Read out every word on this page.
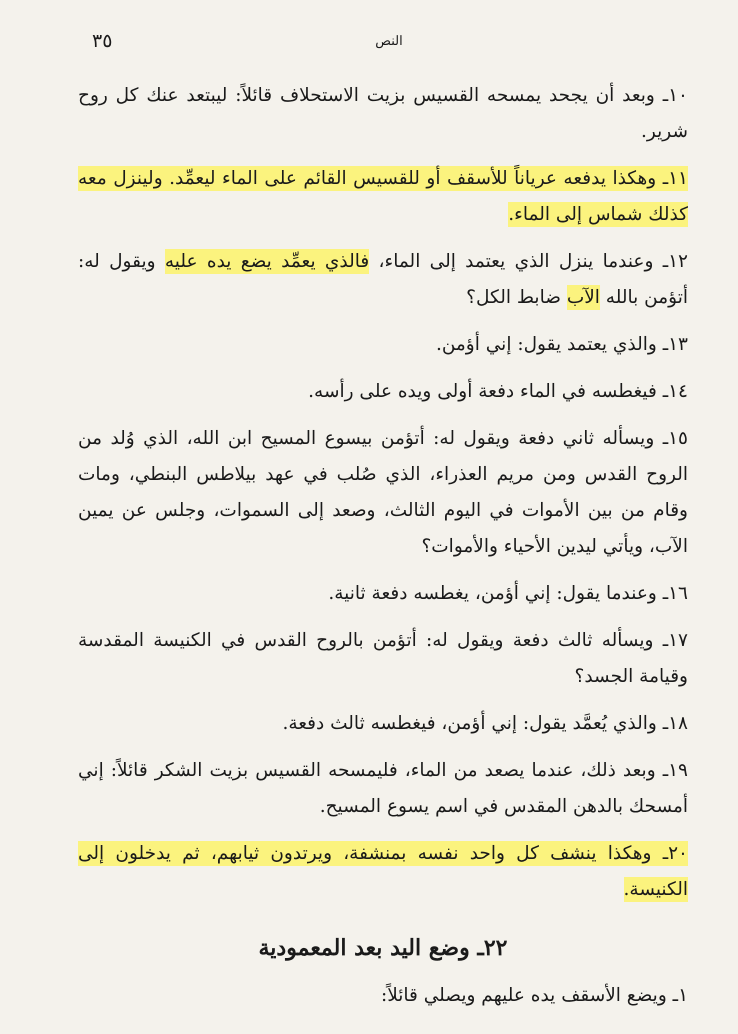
النص
٣٥

١٠ـ وبعد أن يجحد يمسحه القسيس بزيت الاستحلاف قائلاً: ليبتعد عنك كل روح شرير.

١١ـ وهكذا يدفعه عرياناً للأسقف أو للقسيس القائم على الماء ليعمِّد. ولينزل معه كذلك شماس إلى الماء.

١٢ـ وعندما ينزل الذي يعتمد إلى الماء، فالذي يعمِّد يضع يده عليه ويقول له: أتؤمن بالله الآب ضابط الكل؟

١٣ـ والذي يعتمد يقول: إني أؤمن.

١٤ـ فيغطسه في الماء دفعة أولى ويده على رأسه.

١٥ـ ويسأله ثاني دفعة ويقول له: أتؤمن بيسوع المسيح ابن الله، الذي وُلد من الروح القدس ومن مريم العذراء، الذي صُلب في عهد بيلاطس البنطي، ومات وقام من بين الأموات في اليوم الثالث، وصعد إلى السموات، وجلس عن يمين الآب، ويأتي ليدين الأحياء والأموات؟

١٦ـ وعندما يقول: إني أؤمن، يغطسه دفعة ثانية.

١٧ـ ويسأله ثالث دفعة ويقول له: أتؤمن بالروح القدس في الكنيسة المقدسة وقيامة الجسد؟

١٨ـ والذي يُعمَّد يقول: إني أؤمن، فيغطسه ثالث دفعة.

١٩ـ وبعد ذلك، عندما يصعد من الماء، فليمسحه القسيس بزيت الشكر قائلاً: إني أمسحك بالدهن المقدس في اسم يسوع المسيح.

٢٠ـ وهكذا ينشف كل واحد نفسه بمنشفة، ويرتدون ثيابهم، ثم يدخلون إلى الكنيسة.

٢٢ـ وضع اليد بعد المعمودية

١ـ ويضع الأسقف يده عليهم ويصلي قائلاً:
